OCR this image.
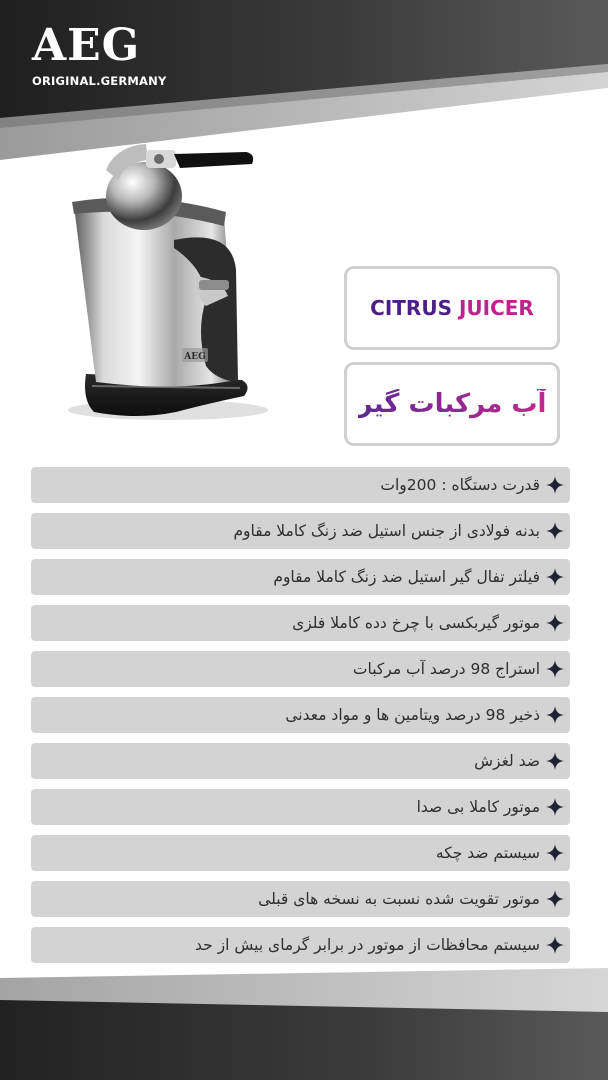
AEG
ORIGINAL.GERMANY
AEG
CITRUS JUICER
آب مرکبات گیر
قدرت دستگاه : 200وات
بدنه فولادی از جنس استیل ضد زنگ کاملا مقاوم
فیلتر تفال گیر استیل ضد زنگ کاملا مقاوم
موتور گیربکسی با چرخ دده کاملا فلزی
استراج 98 درصد آب مرکبات
ذخیر 98 درصد ویتامین ها و مواد معدنی
ضد لغزش
موتور کاملا بی صدا
سیستم ضد چکه
موتور تقویت شده نسبت به نسخه های قبلی
سیستم محافظات از موتور در برابر گرمای بیش از حد
